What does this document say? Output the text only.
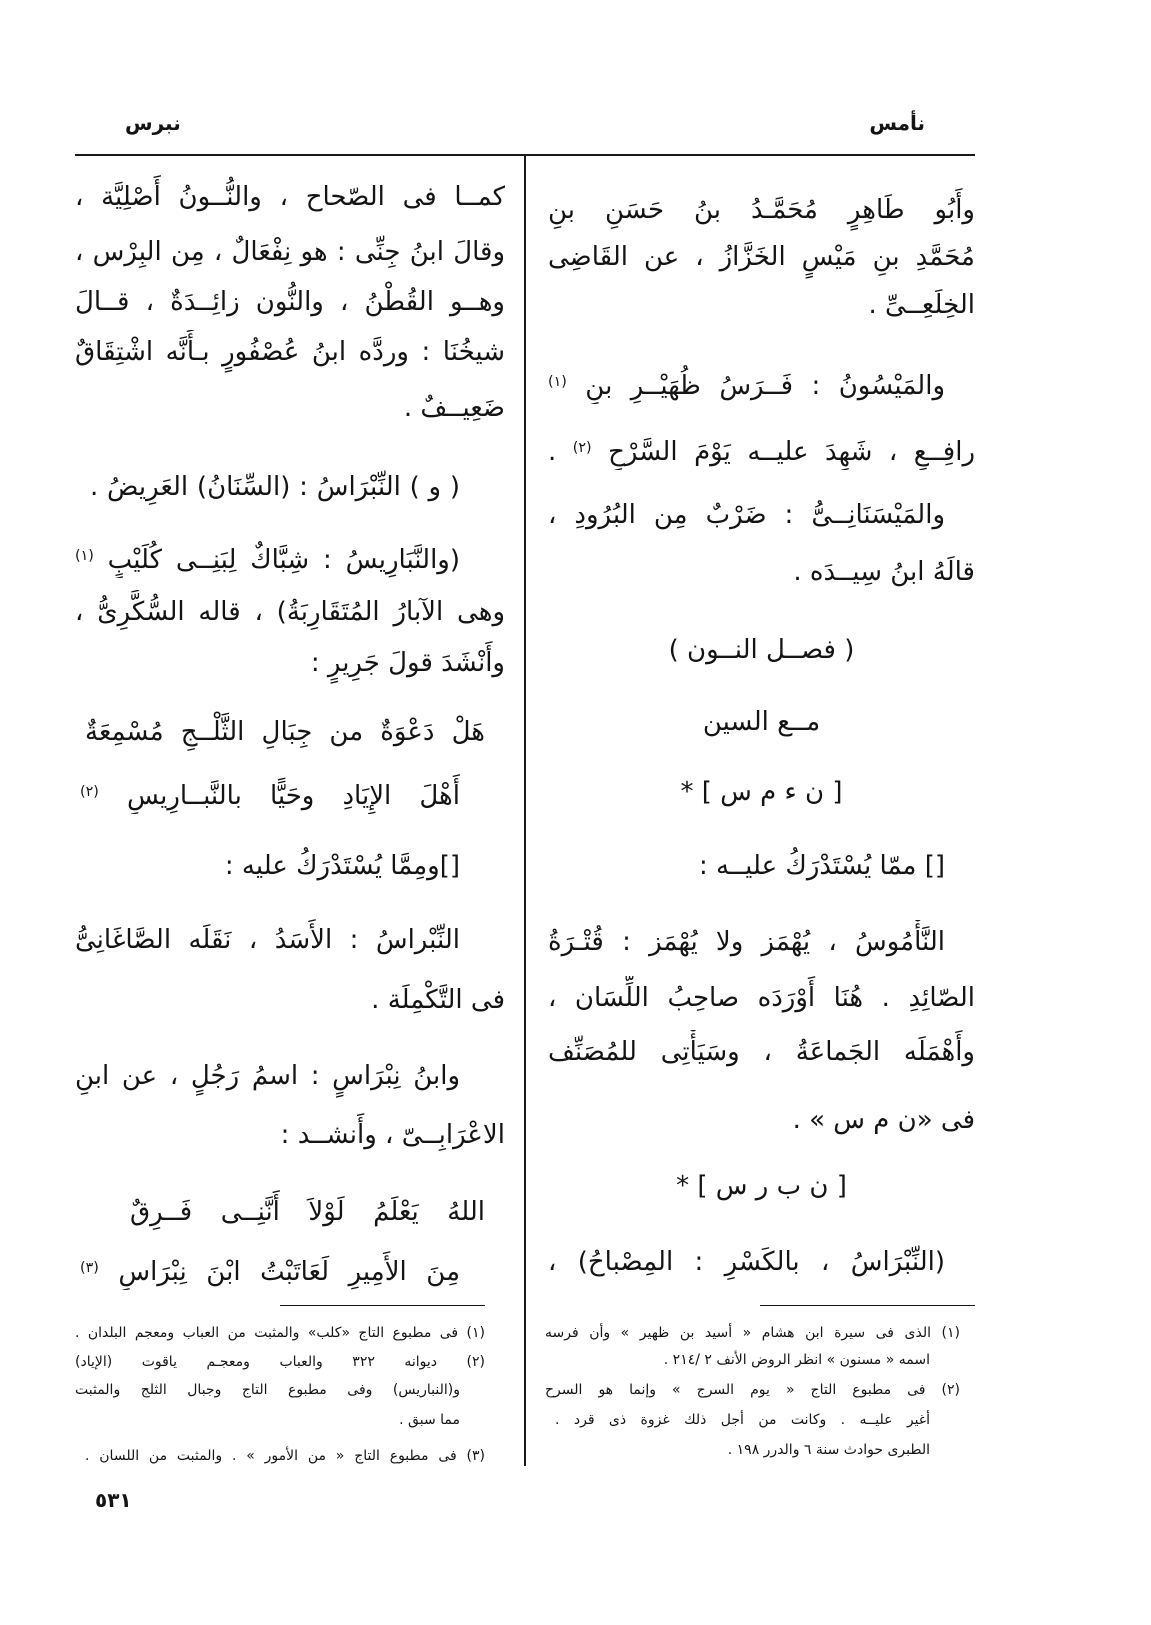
نأمس
نبرس
وأَبُو طَاهِرٍ مُحَمَّـدُ بنُ حَسَنِ بنِ
مُحَمَّدِ بنِ مَيْسٍ الخَزَّازُ ، عن القَاضِى
الخِلَعِــىِّ .
والمَيْسُونُ : فَــرَسُ ظُهَيْــرِ بنِ $^{(١)}$
رافِــعٍ ، شَهِدَ عليــه يَوْمَ السَّرْحِ $^{(٢)}$ .
والمَيْسَنَانِــىُّ : ضَرْبٌ مِن البُرُودِ ،
قالَهُ ابنُ سِيــدَه .
( فصــل النــون )
مــع السين
[ ن ء م س ] *
[] ممّا يُسْتَدْرَكُ عليــه :
النَّأْمُوسُ ، يُهْمَز ولا يُهْمَز : قُتْـرَةُ
الصّائِدِ . هُنَا أَوْرَدَه صاحِبُ اللِّسَان ،
وأَهْمَلَه الجَماعَةُ ، وسَيَأْتِى للمُصَنِّف
فى «ن م س » .
[ ن ب ر س ] *
(النِّبْرَاسُ ، بالكَسْرِ : المِصْباحُ) ،
(١) الذى فى سيرة ابن هشام « أسيد بن ظهير » وأن فرسه
اسمه « مسنون » انظر الروض الأنف ٢ /٢١٤ .
(٢) فى مطبوع التاج « يوم السرج » وإنما هو السرح
أغير عليــه . وكانت من أجل ذلك غزوة ذى قرد .
الطبرى حوادث سنة ٦ والدرر ١٩٨ .
كمــا فى الصّحاح ، والنُّــونُ أَصْلِيَّة ،
وقالَ ابنُ جِنِّى : هو نِفْعَالٌ ، مِن البِرْس ،
وهــو القُطْنُ ، والنُّون زائِــدَةٌ ، قــالَ
شيخُنَا : وردَّه ابنُ عُصْفُورٍ بـأَنَّه اشْتِقَاقٌ
ضَعِيــفٌ .
( و ) النِّبْرَاسُ : (السِّنَانُ) العَرِيضُ .
(والنَّبَارِيسُ : شِبَّاكٌ لِبَنِــى كُلَيْبٍ $^{(١)}$
وهى الآبارُ المُتَقَارِبَةُ) ، قاله السُّكَّرِىُّ ،
وأَنْشَدَ قولَ جَرِيرٍ :
هَلْ دَعْوَةٌ من جِبَالِ الثَّلْــجِ مُسْمِعَةٌ
أَهْلَ الإِيَادِ وحَيًّا بالنَّبــارِيسِ $^{(٢)}$
[]ومِمَّا يُسْتَدْرَكُ عليه :
النِّبْراسُ : الأَسَدُ ، نَقَلَه الصَّاغَانِىُّ
فى التَّكْمِلَة .
وابنُ نِبْرَاسٍ : اسمُ رَجُلٍ ، عن ابنِ
الاعْرَابِــىّ ، وأَنشــد :
اللهُ يَعْلَمُ لَوْلاَ أَنَّنِــى فَــرِقٌ
مِنَ الأَمِيرِ لَعَاتَبْتُ ابْنَ نِبْرَاسِ $^{(٣)}$
(١) فى مطبوع التاج «كلب» والمثبت من العباب ومعجم البلدان .
(٢) ديوانه ٣٢٢ والعباب ومعجـم ياقوت (الإياد)
و(النباريس) وفى مطبوع التاج وجبال الثلج والمثبت
مما سبق .
(٣) فى مطبوع التاج « من الأمور » . والمثبت من اللسان .
٥٣١
